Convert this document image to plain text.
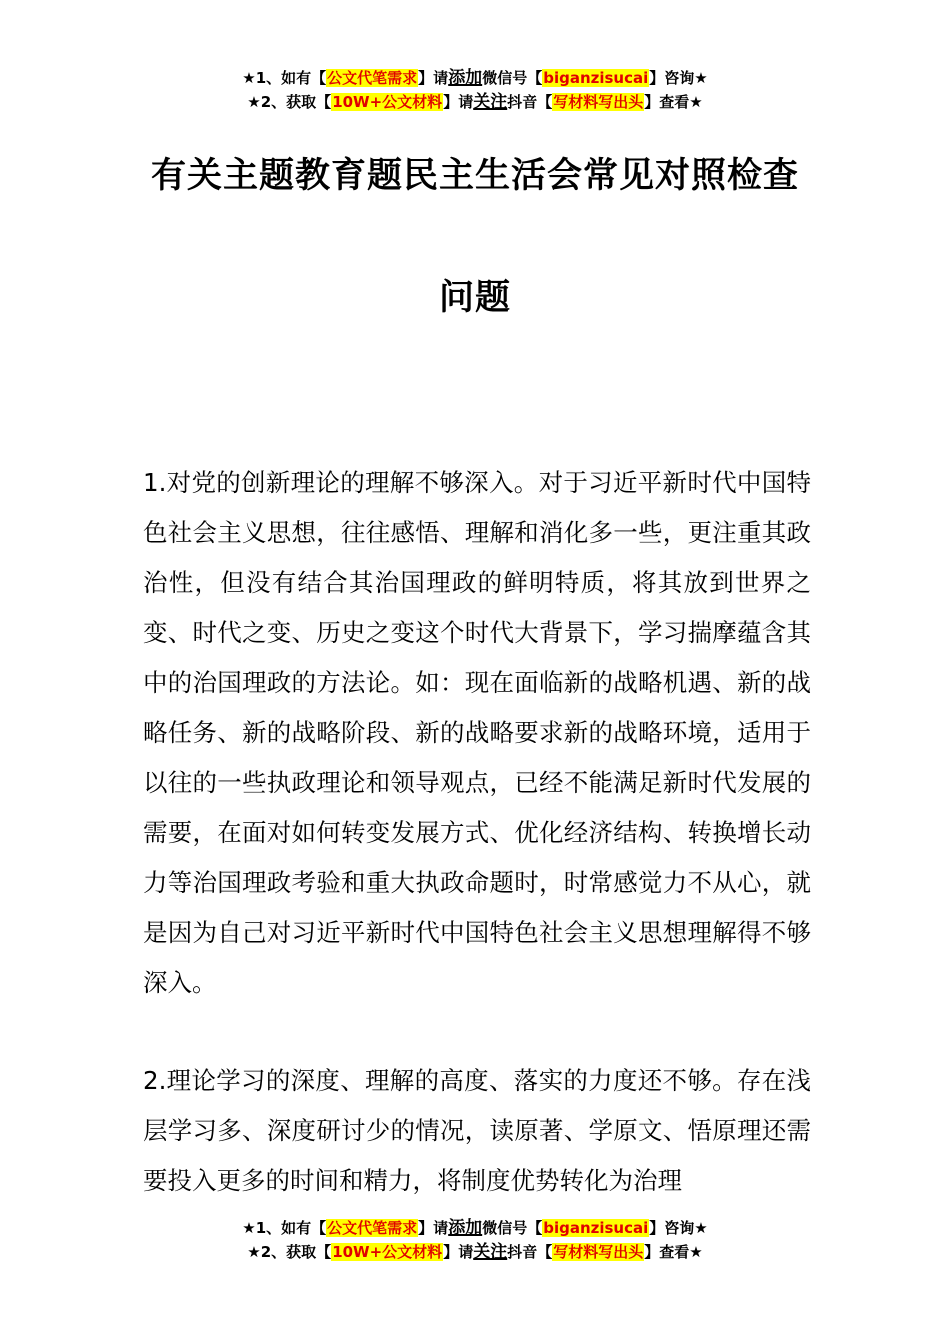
★1、如有【公文代笔需求】请添加微信号【biganzisucai】咨询★
★2、获取【10W+公文材料】请关注抖音【写材料写出头】查看★
有关主题教育题民主生活会常见对照检查
问题
1.对党的创新理论的理解不够深入。对于习近平新时代中国特色社会主义思想，往往感悟、理解和消化多一些，更注重其政治性，但没有结合其治国理政的鲜明特质，将其放到世界之变、时代之变、历史之变这个时代大背景下，学习揣摩蕴含其中的治国理政的方法论。如：现在面临新的战略机遇、新的战略任务、新的战略阶段、新的战略要求新的战略环境，适用于以往的一些执政理论和领导观点，已经不能满足新时代发展的需要，在面对如何转变发展方式、优化经济结构、转换增长动力等治国理政考验和重大执政命题时，时常感觉力不从心，就是因为自己对习近平新时代中国特色社会主义思想理解得不够深入。
2.理论学习的深度、理解的高度、落实的力度还不够。存在浅层学习多、深度研讨少的情况，读原著、学原文、悟原理还需要投入更多的时间和精力，将制度优势转化为治理
★1、如有【公文代笔需求】请添加微信号【biganzisucai】咨询★
★2、获取【10W+公文材料】请关注抖音【写材料写出头】查看★
